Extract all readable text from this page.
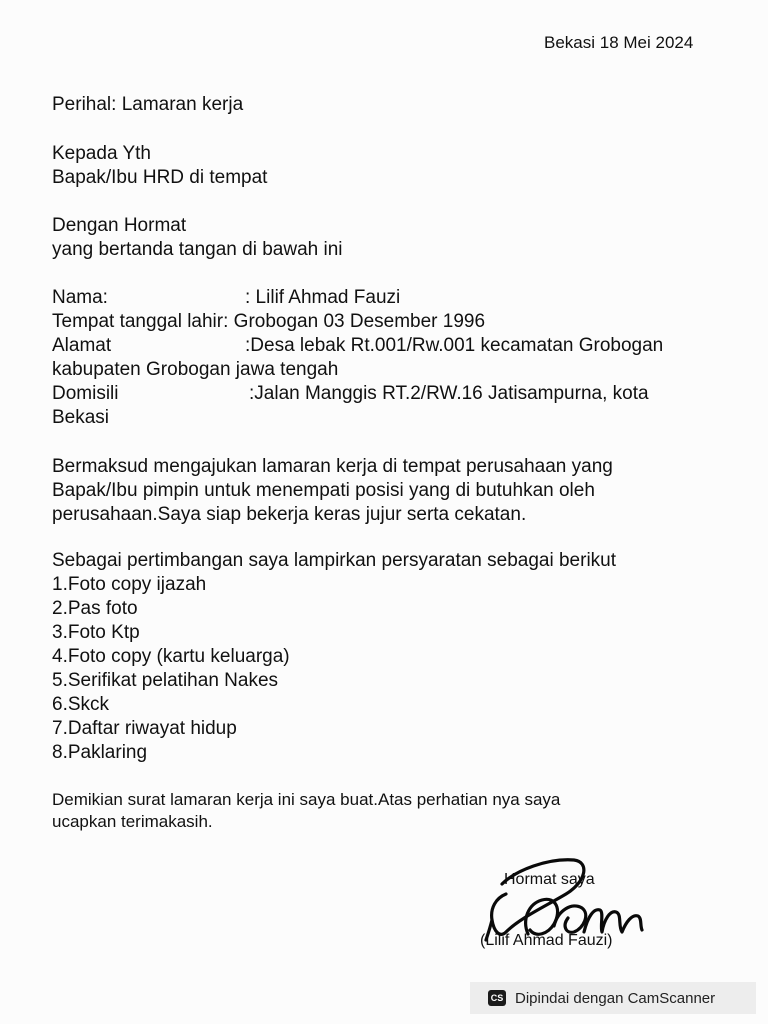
Bekasi 18 Mei 2024
Perihal: Lamaran kerja
Kepada Yth
Bapak/Ibu HRD di tempat
Dengan Hormat
yang bertanda tangan di bawah ini
Nama:	: Lilif Ahmad Fauzi
Tempat tanggal lahir: Grobogan 03 Desember 1996
Alamat	:Desa lebak Rt.001/Rw.001 kecamatan Grobogan
kabupaten Grobogan jawa tengah
Domisili	:Jalan Manggis RT.2/RW.16 Jatisampurna, kota
Bekasi
Bermaksud mengajukan lamaran kerja di tempat perusahaan yang
Bapak/Ibu pimpin untuk menempati posisi yang di butuhkan oleh
perusahaan.Saya siap bekerja keras jujur serta cekatan.
Sebagai pertimbangan saya lampirkan persyaratan sebagai berikut
1.Foto copy ijazah
2.Pas foto
3.Foto Ktp
4.Foto copy (kartu keluarga)
5.Serifikat pelatihan Nakes
6.Skck
7.Daftar riwayat hidup
8.Paklaring
Demikian surat lamaran kerja ini saya buat.Atas perhatian nya saya
ucapkan terimakasih.
Hormat saya
(Lilif Ahmad Fauzi)
CS Dipindai dengan CamScanner
